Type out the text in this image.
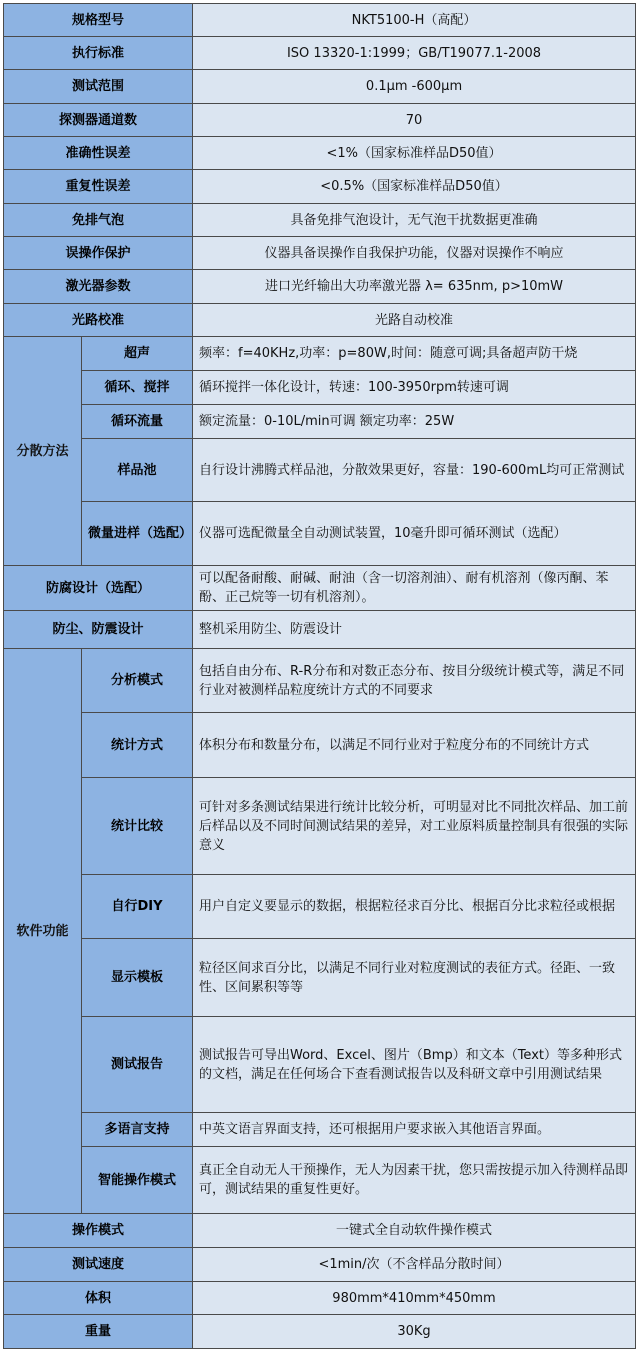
规格型号		NKT5100-H（高配）
执行标准		ISO 13320-1:1999；GB/T19077.1-2008
测试范围		0.1μm -600μm
探测器通道数		70
准确性误差		<1%（国家标准样品D50值）
重复性误差		<0.5%（国家标准样品D50值）
免排气泡		具备免排气泡设计，无气泡干扰数据更准确
误操作保护		仪器具备误操作自我保护功能，仪器对误操作不响应
激光器参数		进口光纤输出大功率激光器 λ= 635nm, p>10mW
光路校准		光路自动校准
分散方法	超声	频率：f=40KHz,功率：p=80W,时间：随意可调;具备超声防干烧
	循环、搅拌	循环搅拌一体化设计，转速：100-3950rpm转速可调
	循环流量	额定流量：0-10L/min可调 额定功率：25W
	样品池	自行设计沸腾式样品池，分散效果更好，容量：190-600mL均可正常测试
	微量进样（选配）	仪器可选配微量全自动测试装置，10毫升即可循环测试（选配）
防腐设计（选配）		可以配备耐酸、耐碱、耐油（含一切溶剂油）、耐有机溶剂（像丙酮、苯酚、正己烷等一切有机溶剂）。
防尘、防震设计		整机采用防尘、防震设计
软件功能	分析模式	包括自由分布、R-R分布和对数正态分布、按目分级统计模式等，满足不同行业对被测样品粒度统计方式的不同要求
	统计方式	体积分布和数量分布，以满足不同行业对于粒度分布的不同统计方式
	统计比较	可针对多条测试结果进行统计比较分析，可明显对比不同批次样品、加工前后样品以及不同时间测试结果的差异，对工业原料质量控制具有很强的实际意义
	自行DIY	用户自定义要显示的数据，根据粒径求百分比、根据百分比求粒径或根据
	显示模板	粒径区间求百分比，以满足不同行业对粒度测试的表征方式。径距、一致性、区间累积等等
	测试报告	测试报告可导出Word、Excel、图片（Bmp）和文本（Text）等多种形式的文档，满足在任何场合下查看测试报告以及科研文章中引用测试结果
	多语言支持	中英文语言界面支持，还可根据用户要求嵌入其他语言界面。
	智能操作模式	真正全自动无人干预操作，无人为因素干扰，您只需按提示加入待测样品即可，测试结果的重复性更好。
操作模式		一键式全自动软件操作模式
测试速度		<1min/次（不含样品分散时间）
体积		980mm*410mm*450mm
重量		30Kg
